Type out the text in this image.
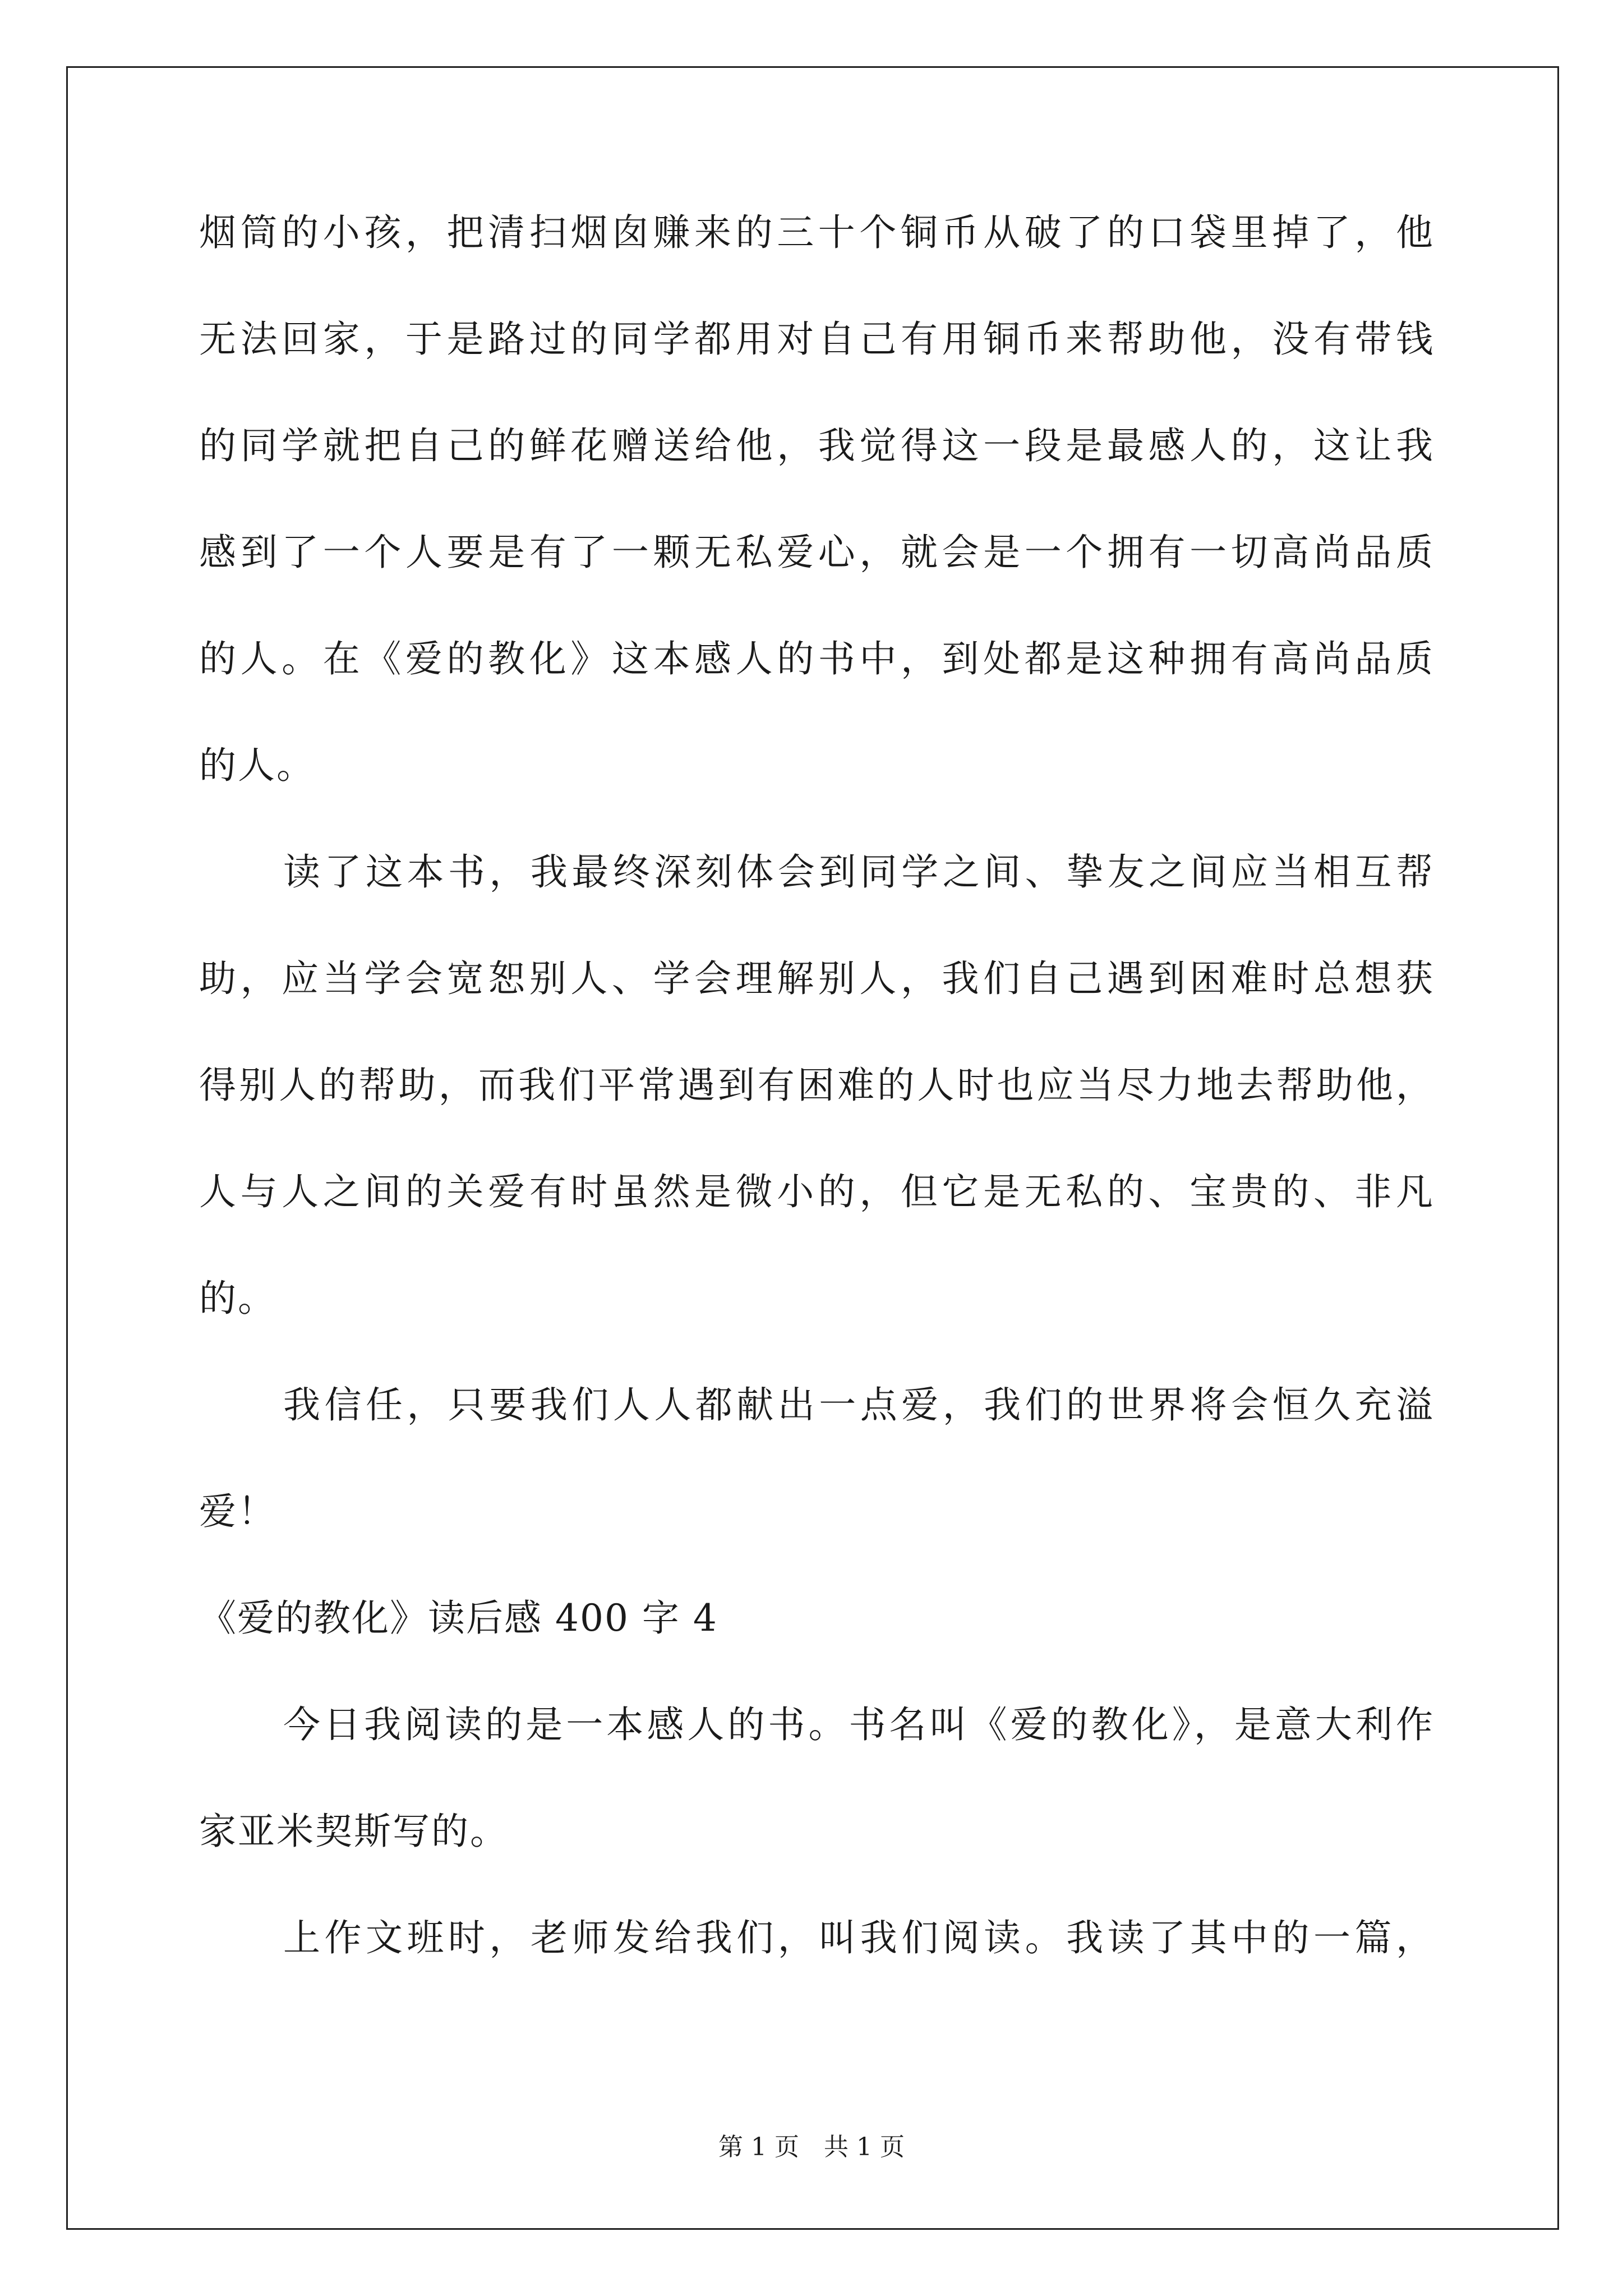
烟筒的小孩，把清扫烟囱赚来的三十个铜币从破了的口袋里掉了，他
无法回家，于是路过的同学都用对自己有用铜币来帮助他，没有带钱
的同学就把自己的鲜花赠送给他，我觉得这一段是最感人的，这让我
感到了一个人要是有了一颗无私爱心，就会是一个拥有一切高尚品质
的人。在《爱的教化》这本感人的书中，到处都是这种拥有高尚品质
的人。
读了这本书，我最终深刻体会到同学之间、挚友之间应当相互帮
助，应当学会宽恕别人、学会理解别人，我们自己遇到困难时总想获
得别人的帮助，而我们平常遇到有困难的人时也应当尽力地去帮助他，
人与人之间的关爱有时虽然是微小的，但它是无私的、宝贵的、非凡
的。
我信任，只要我们人人都献出一点爱，我们的世界将会恒久充溢
爱！
《爱的教化》读后感 400 字 4
今日我阅读的是一本感人的书。书名叫《爱的教化》，是意大利作
家亚米契斯写的。
上作文班时，老师发给我们，叫我们阅读。我读了其中的一篇，
第 1 页 共 1 页
